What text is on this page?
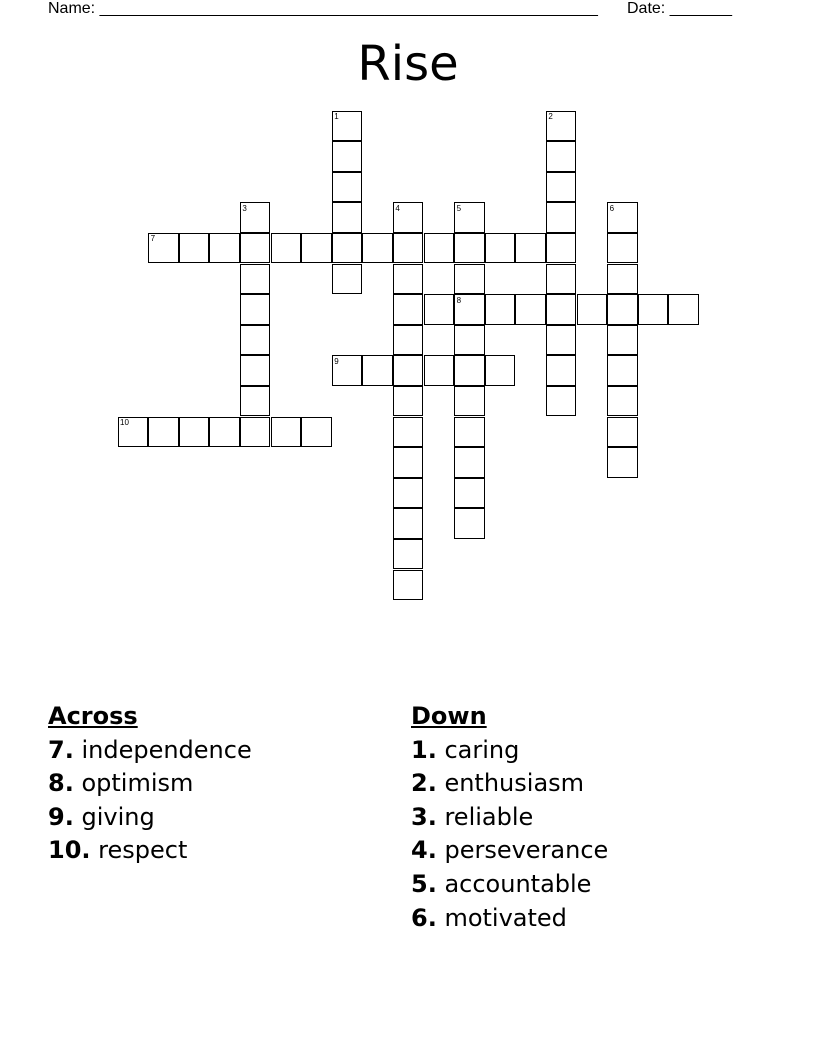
Name: ________________________________________________________ Date: _______
Rise
1	2
3	4	5	6
7
8
9
10
Across
7. independence
8. optimism
9. giving
10. respect
Down
1. caring
2. enthusiasm
3. reliable
4. perseverance
5. accountable
6. motivated
